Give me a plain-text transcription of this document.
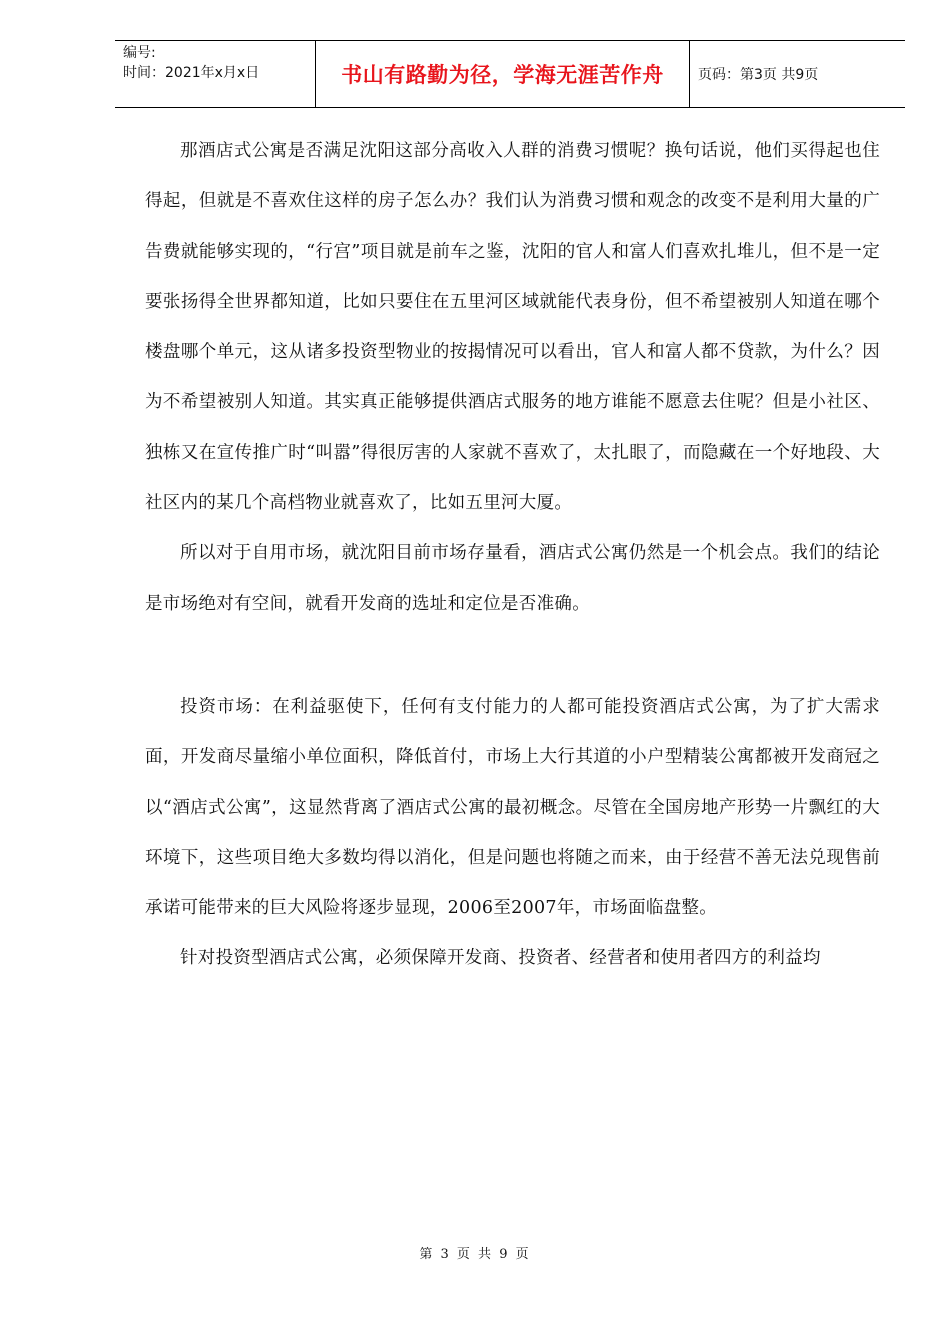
编号:
时间：2021年x月x日	书山有路勤为径，学海无涯苦作舟	页码：第3页 共9页

那酒店式公寓是否满足沈阳这部分高收入人群的消费习惯呢？换句话说，他们买得起也住得起，但就是不喜欢住这样的房子怎么办？我们认为消费习惯和观念的改变不是利用大量的广告费就能够实现的，“行宫”项目就是前车之鉴，沈阳的官人和富人们喜欢扎堆儿，但不是一定要张扬得全世界都知道，比如只要住在五里河区域就能代表身份，但不希望被别人知道在哪个楼盘哪个单元，这从诸多投资型物业的按揭情况可以看出，官人和富人都不贷款，为什么？因为不希望被别人知道。其实真正能够提供酒店式服务的地方谁能不愿意去住呢？但是小社区、独栋又在宣传推广时“叫嚣”得很厉害的人家就不喜欢了，太扎眼了，而隐藏在一个好地段、大社区内的某几个高档物业就喜欢了，比如五里河大厦。

所以对于自用市场，就沈阳目前市场存量看，酒店式公寓仍然是一个机会点。我们的结论是市场绝对有空间，就看开发商的选址和定位是否准确。

投资市场：在利益驱使下，任何有支付能力的人都可能投资酒店式公寓，为了扩大需求面，开发商尽量缩小单位面积，降低首付，市场上大行其道的小户型精装公寓都被开发商冠之以“酒店式公寓”，这显然背离了酒店式公寓的最初概念。尽管在全国房地产形势一片飘红的大环境下，这些项目绝大多数均得以消化，但是问题也将随之而来，由于经营不善无法兑现售前承诺可能带来的巨大风险将逐步显现，2006至2007年，市场面临盘整。

针对投资型酒店式公寓，必须保障开发商、投资者、经营者和使用者四方的利益均

第 3 页 共 9 页
